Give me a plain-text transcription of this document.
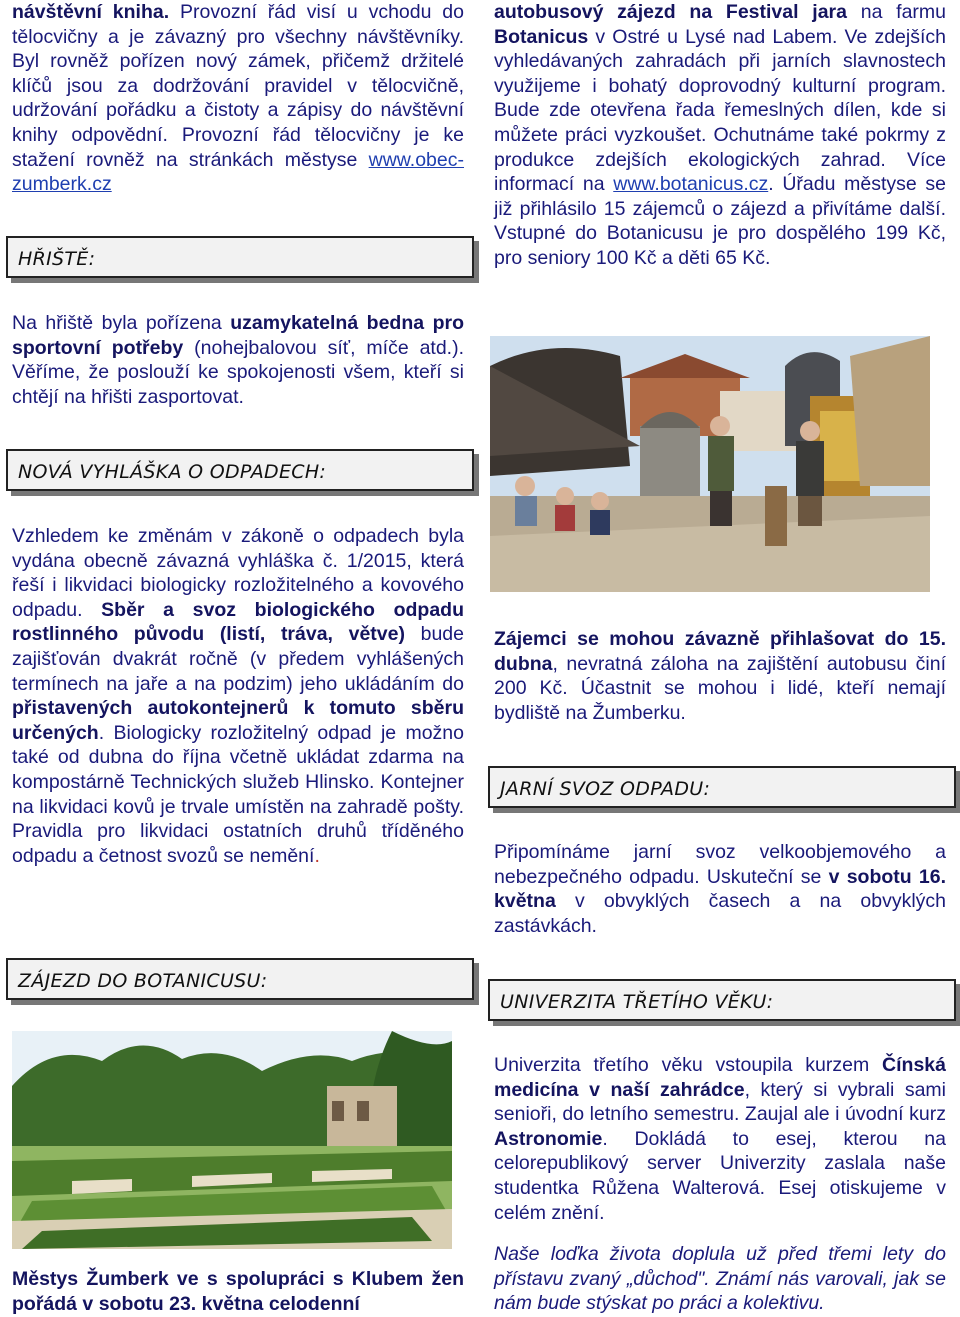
návštěvní kniha. Provozní řád visí u vchodu do tělocvičny a je závazný pro všechny návštěvníky. Byl rovněž pořízen nový zámek, přičemž držitelé klíčů jsou za dodržování pravidel v tělocvičně, udržování pořádku a čistoty a zápisy do návštěvní knihy odpovědní. Provozní řád tělocvičny je ke stažení rovněž na stránkách městyse www.obec-zumberk.cz

HŘIŠTĚ:

Na hřiště byla pořízena uzamykatelná bedna pro sportovní potřeby (nohejbalovou síť, míče atd.). Věříme, že poslouží ke spokojenosti všem, kteří si chtějí na hřišti zasportovat.

NOVÁ VYHLÁŠKA O ODPADECH:

Vzhledem ke změnám v zákoně o odpadech byla vydána obecně závazná vyhláška č. 1/2015, která řeší i likvidaci biologicky rozložitelného a kovového odpadu. Sběr a svoz biologického odpadu rostlinného původu (listí, tráva, větve) bude zajišťován dvakrát ročně (v předem vyhlášených termínech na jaře a na podzim) jeho ukládáním do přistavených autokontejnerů k tomuto sběru určených. Biologicky rozložitelný odpad je možno také od dubna do října včetně ukládat zdarma na kompostárně Technických služeb Hlinsko. Kontejner na likvidaci kovů je trvale umístěn na zahradě pošty. Pravidla pro likvidaci ostatních druhů tříděného odpadu a četnost svozů se nemění.

ZÁJEZD DO BOTANICUSU:

Městys Žumberk ve s spolupráci s Klubem žen pořádá v sobotu 23. května celodenní

autobusový zájezd na Festival jara na farmu Botanicus v Ostré u Lysé nad Labem. Ve zdejších vyhledávaných zahradách při jarních slavnostech využijeme i bohatý doprovodný kulturní program. Bude zde otevřena řada řemeslných dílen, kde si můžete práci vyzkoušet. Ochutnáme také pokrmy z produkce zdejších ekologických zahrad. Více informací na www.botanicus.cz. Úřadu městyse se již přihlásilo 15 zájemců o zájezd a přivítáme další. Vstupné do Botanicusu je pro dospělého 199 Kč, pro seniory 100 Kč a děti 65 Kč.

Zájemci se mohou závazně přihlašovat do 15. dubna, nevratná záloha na zajištění autobusu činí 200 Kč. Účastnit se mohou i lidé, kteří nemají bydliště na Žumberku.

JARNÍ SVOZ ODPADU:

Připomínáme jarní svoz velkoobjemového a nebezpečného odpadu. Uskuteční se v sobotu 16. května v obvyklých časech a na obvyklých zastávkách.

UNIVERZITA TŘETÍHO VĚKU:

Univerzita třetího věku vstoupila kurzem Čínská medicína v naší zahrádce, který si vybrali sami senioři, do letního semestru. Zaujal ale i úvodní kurz Astronomie. Dokládá to esej, kterou na celorepublikový server Univerzity zaslala naše studentka Růžena Walterová. Esej otiskujeme v celém znění.

Naše loďka života doplula už před třemi lety do přístavu zvaný „důchod". Známí nás varovali, jak se nám bude stýskat po práci a kolektivu.
